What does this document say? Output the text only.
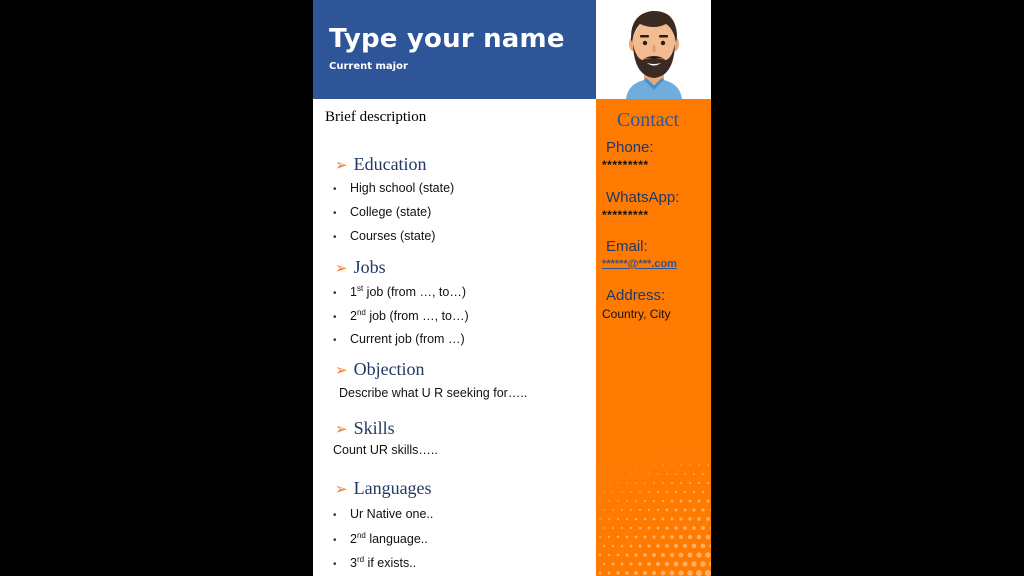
Type your name
Current major
Contact
Phone:
*********
WhatsApp:
*********
Email:
******@***.com
Address:
Country, City
Brief description
➢ Education
• High school (state)
• College (state)
• Courses (state)
➢ Jobs
• 1st job (from …, to…)
• 2nd job (from …, to…)
• Current job (from …)
➢ Objection
Describe what U R seeking for…..
➢ Skills
Count UR skills…..
➢ Languages
• Ur Native one..
• 2nd language..
• 3rd if exists..
